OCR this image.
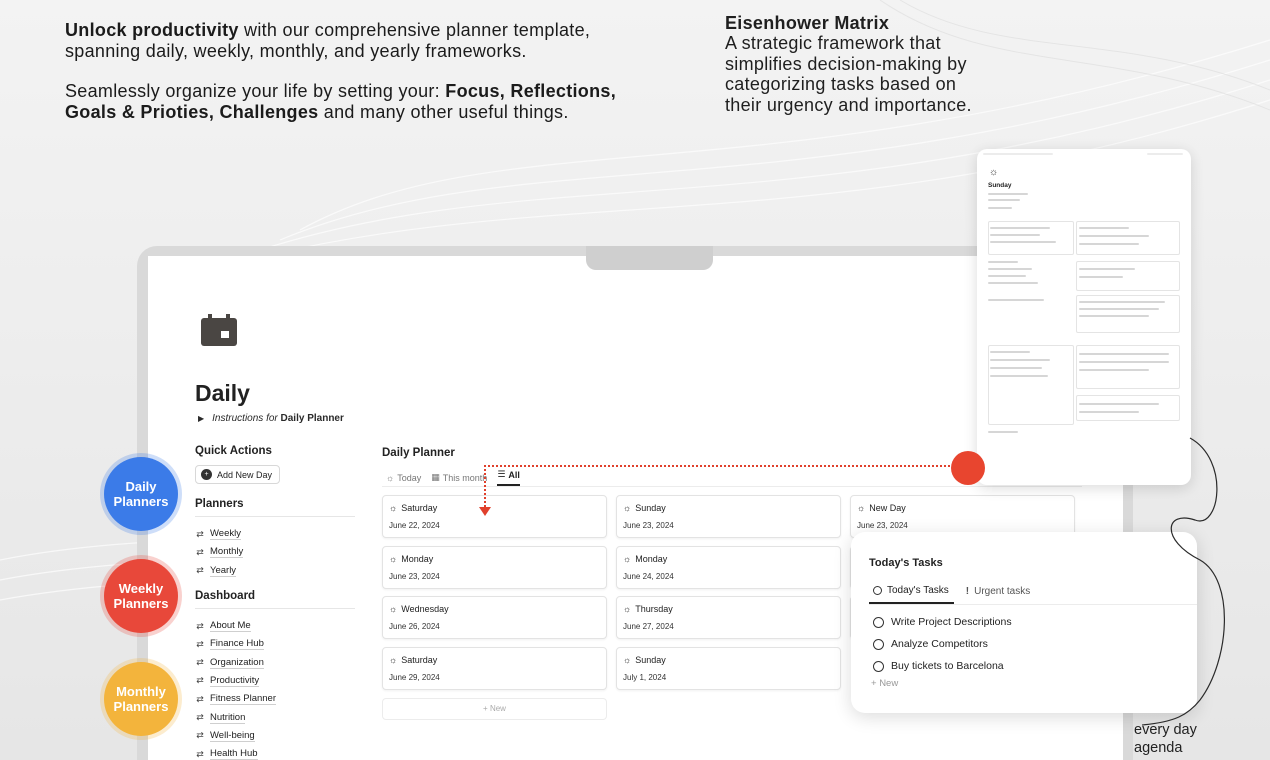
Unlock productivity with our comprehensive planner template, spanning daily, weekly, monthly, and yearly frameworks.

Seamlessly organize your life by setting your: Focus, Reflections, Goals & Prioties, Challenges and many other useful things.

Eisenhower Matrix
A strategic framework that simplifies decision-making by categorizing tasks based on their urgency and importance.
Daily
▶ Instructions for Daily Planner
Quick Actions
+ Add New Day
Planners
⇄ Weekly
⇄ Monthly
⇄ Yearly
Dashboard
⇄ About Me
⇄ Finance Hub
⇄ Organization
⇄ Productivity
⇄ Fitness Planner
⇄ Nutrition
⇄ Well-being
⇄ Health Hub
Daily Planner
☼ Today ▦ This month ☰ All
☼ Saturday
June 22, 2024
☼ Sunday
June 23, 2024
☼ New Day
June 23, 2024
☼ Monday
June 23, 2024
☼ Monday
June 24, 2024
☼ Wednesday
June 26, 2024
☼ Thursday
June 27, 2024
☼ Saturday
June 29, 2024
☼ Sunday
July 1, 2024
+ New
Daily Planners
Weekly Planners
Monthly Planners
☼
Sunday
Today's Tasks
Today's Tasks ! Urgent tasks
Write Project Descriptions
Analyze Competitors
Buy tickets to Barcelona
+ New
every day agenda
